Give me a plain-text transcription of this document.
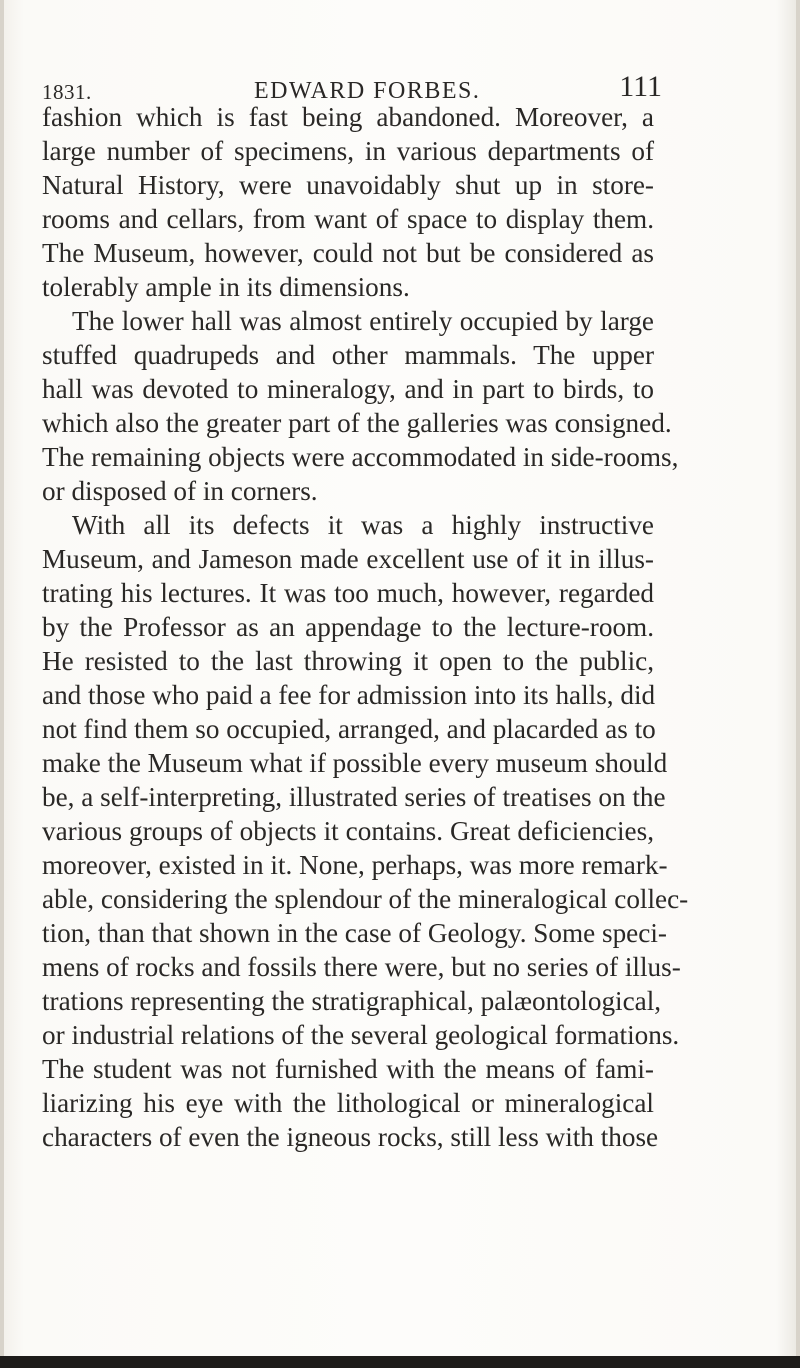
1831.	EDWARD FORBES.	111
fashion which is fast being abandoned. Moreover, a
large number of specimens, in various departments of
Natural History, were unavoidably shut up in store-
rooms and cellars, from want of space to display them.
The Museum, however, could not but be considered as
tolerably ample in its dimensions.
The lower hall was almost entirely occupied by large
stuffed quadrupeds and other mammals. The upper
hall was devoted to mineralogy, and in part to birds, to
which also the greater part of the galleries was consigned.
The remaining objects were accommodated in side-rooms,
or disposed of in corners.
With all its defects it was a highly instructive
Museum, and Jameson made excellent use of it in illus-
trating his lectures. It was too much, however, regarded
by the Professor as an appendage to the lecture-room.
He resisted to the last throwing it open to the public,
and those who paid a fee for admission into its halls, did
not find them so occupied, arranged, and placarded as to
make the Museum what if possible every museum should
be, a self-interpreting, illustrated series of treatises on the
various groups of objects it contains. Great deficiencies,
moreover, existed in it. None, perhaps, was more remark-
able, considering the splendour of the mineralogical collec-
tion, than that shown in the case of Geology. Some speci-
mens of rocks and fossils there were, but no series of illus-
trations representing the stratigraphical, palæontological,
or industrial relations of the several geological formations.
The student was not furnished with the means of fami-
liarizing his eye with the lithological or mineralogical
characters of even the igneous rocks, still less with those
